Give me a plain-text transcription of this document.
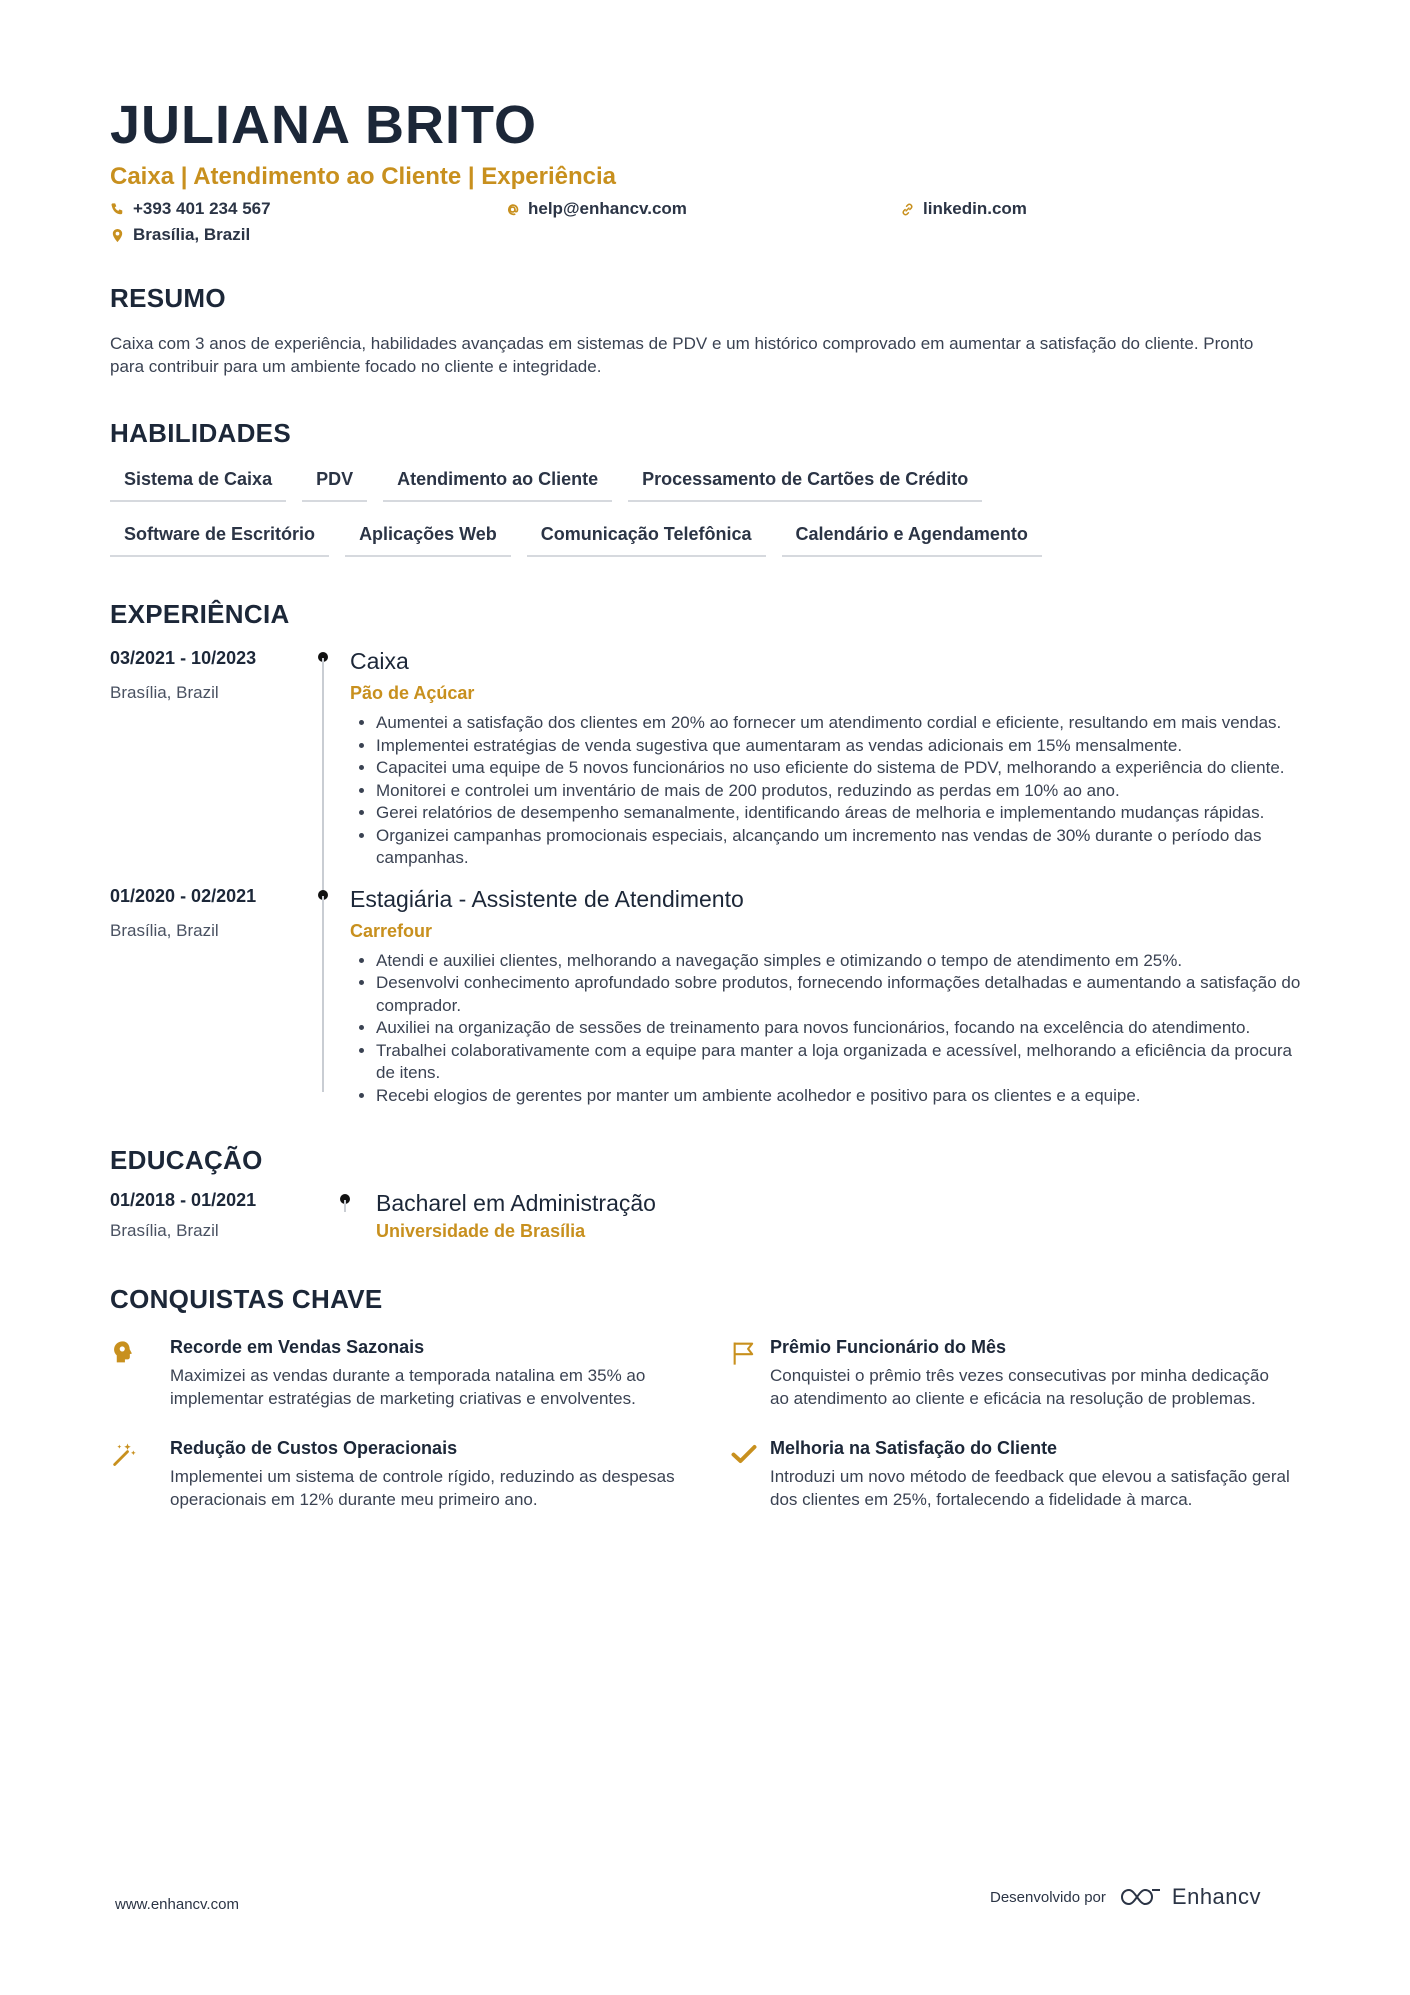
JULIANA BRITO
Caixa | Atendimento ao Cliente | Experiência
+393 401 234 567	help@enhancv.com	linkedin.com
Brasília, Brazil
RESUMO
Caixa com 3 anos de experiência, habilidades avançadas em sistemas de PDV e um histórico comprovado em aumentar a satisfação do cliente. Pronto para contribuir para um ambiente focado no cliente e integridade.
HABILIDADES
Sistema de Caixa	PDV	Atendimento ao Cliente	Processamento de Cartões de Crédito
Software de Escritório	Aplicações Web	Comunicação Telefônica	Calendário e Agendamento
EXPERIÊNCIA
03/2021 - 10/2023
Brasília, Brazil
Caixa
Pão de Açúcar
• Aumentei a satisfação dos clientes em 20% ao fornecer um atendimento cordial e eficiente, resultando em mais vendas.
• Implementei estratégias de venda sugestiva que aumentaram as vendas adicionais em 15% mensalmente.
• Capacitei uma equipe de 5 novos funcionários no uso eficiente do sistema de PDV, melhorando a experiência do cliente.
• Monitorei e controlei um inventário de mais de 200 produtos, reduzindo as perdas em 10% ao ano.
• Gerei relatórios de desempenho semanalmente, identificando áreas de melhoria e implementando mudanças rápidas.
• Organizei campanhas promocionais especiais, alcançando um incremento nas vendas de 30% durante o período das campanhas.
01/2020 - 02/2021
Brasília, Brazil
Estagiária - Assistente de Atendimento
Carrefour
• Atendi e auxiliei clientes, melhorando a navegação simples e otimizando o tempo de atendimento em 25%.
• Desenvolvi conhecimento aprofundado sobre produtos, fornecendo informações detalhadas e aumentando a satisfação do comprador.
• Auxiliei na organização de sessões de treinamento para novos funcionários, focando na excelência do atendimento.
• Trabalhei colaborativamente com a equipe para manter a loja organizada e acessível, melhorando a eficiência da procura de itens.
• Recebi elogios de gerentes por manter um ambiente acolhedor e positivo para os clientes e a equipe.
EDUCAÇÃO
01/2018 - 01/2021
Brasília, Brazil
Bacharel em Administração
Universidade de Brasília
CONQUISTAS CHAVE
Recorde em Vendas Sazonais
Maximizei as vendas durante a temporada natalina em 35% ao implementar estratégias de marketing criativas e envolventes.
Prêmio Funcionário do Mês
Conquistei o prêmio três vezes consecutivas por minha dedicação ao atendimento ao cliente e eficácia na resolução de problemas.
Redução de Custos Operacionais
Implementei um sistema de controle rígido, reduzindo as despesas operacionais em 12% durante meu primeiro ano.
Melhoria na Satisfação do Cliente
Introduzi um novo método de feedback que elevou a satisfação geral dos clientes em 25%, fortalecendo a fidelidade à marca.
www.enhancv.com	Desenvolvido por	Enhancv
